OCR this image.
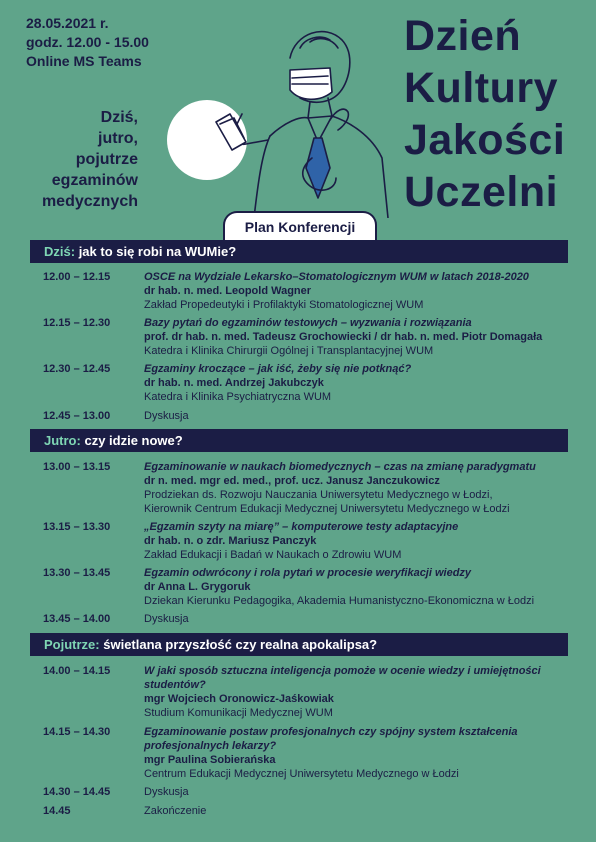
28.05.2021 r.
godz. 12.00 - 15.00
Online MS Teams
Dziś,
jutro,
pojutrze
egzaminów
medycznych
Dzień
Kultury
Jakości
Uczelni
Plan Konferencji
Dziś: jak to się robi na WUMie?
12.00 – 12.15	OSCE na Wydziale Lekarsko–Stomatologicznym WUM w latach 2018-2020
dr hab. n. med. Leopold Wagner
Zakład Propedeutyki i Profilaktyki Stomatologicznej WUM
12.15 – 12.30	Bazy pytań do egzaminów testowych – wyzwania i rozwiązania
prof. dr hab. n. med. Tadeusz Grochowiecki / dr hab. n. med. Piotr Domagała
Katedra i Klinika Chirurgii Ogólnej i Transplantacyjnej WUM
12.30 – 12.45	Egzaminy kroczące – jak iść, żeby się nie potknąć?
dr hab. n. med. Andrzej Jakubczyk
Katedra i Klinika Psychiatryczna WUM
12.45 – 13.00	Dyskusja
Jutro: czy idzie nowe?
13.00 – 13.15	Egzaminowanie w naukach biomedycznych – czas na zmianę paradygmatu
dr n. med. mgr ed. med., prof. ucz. Janusz Janczukowicz
Prodziekan ds. Rozwoju Nauczania Uniwersytetu Medycznego w Łodzi,
Kierownik Centrum Edukacji Medycznej Uniwersytetu Medycznego w Łodzi
13.15 – 13.30	„Egzamin szyty na miarę” – komputerowe testy adaptacyjne
dr hab. n. o zdr. Mariusz Panczyk
Zakład Edukacji i Badań w Naukach o Zdrowiu WUM
13.30 – 13.45	Egzamin odwrócony i rola pytań w procesie weryfikacji wiedzy
dr Anna L. Grygoruk
Dziekan Kierunku Pedagogika, Akademia Humanistyczno-Ekonomiczna w Łodzi
13.45 – 14.00	Dyskusja
Pojutrze: świetlana przyszłość czy realna apokalipsa?
14.00 – 14.15	W jaki sposób sztuczna inteligencja pomoże w ocenie wiedzy i umiejętności studentów?
mgr Wojciech Oronowicz-Jaśkowiak
Studium Komunikacji Medycznej WUM
14.15 – 14.30	Egzaminowanie postaw profesjonalnych czy spójny system kształcenia profesjonalnych lekarzy?
mgr Paulina Sobierańska
Centrum Edukacji Medycznej Uniwersytetu Medycznego w Łodzi
14.30 – 14.45	Dyskusja
14.45	Zakończenie
